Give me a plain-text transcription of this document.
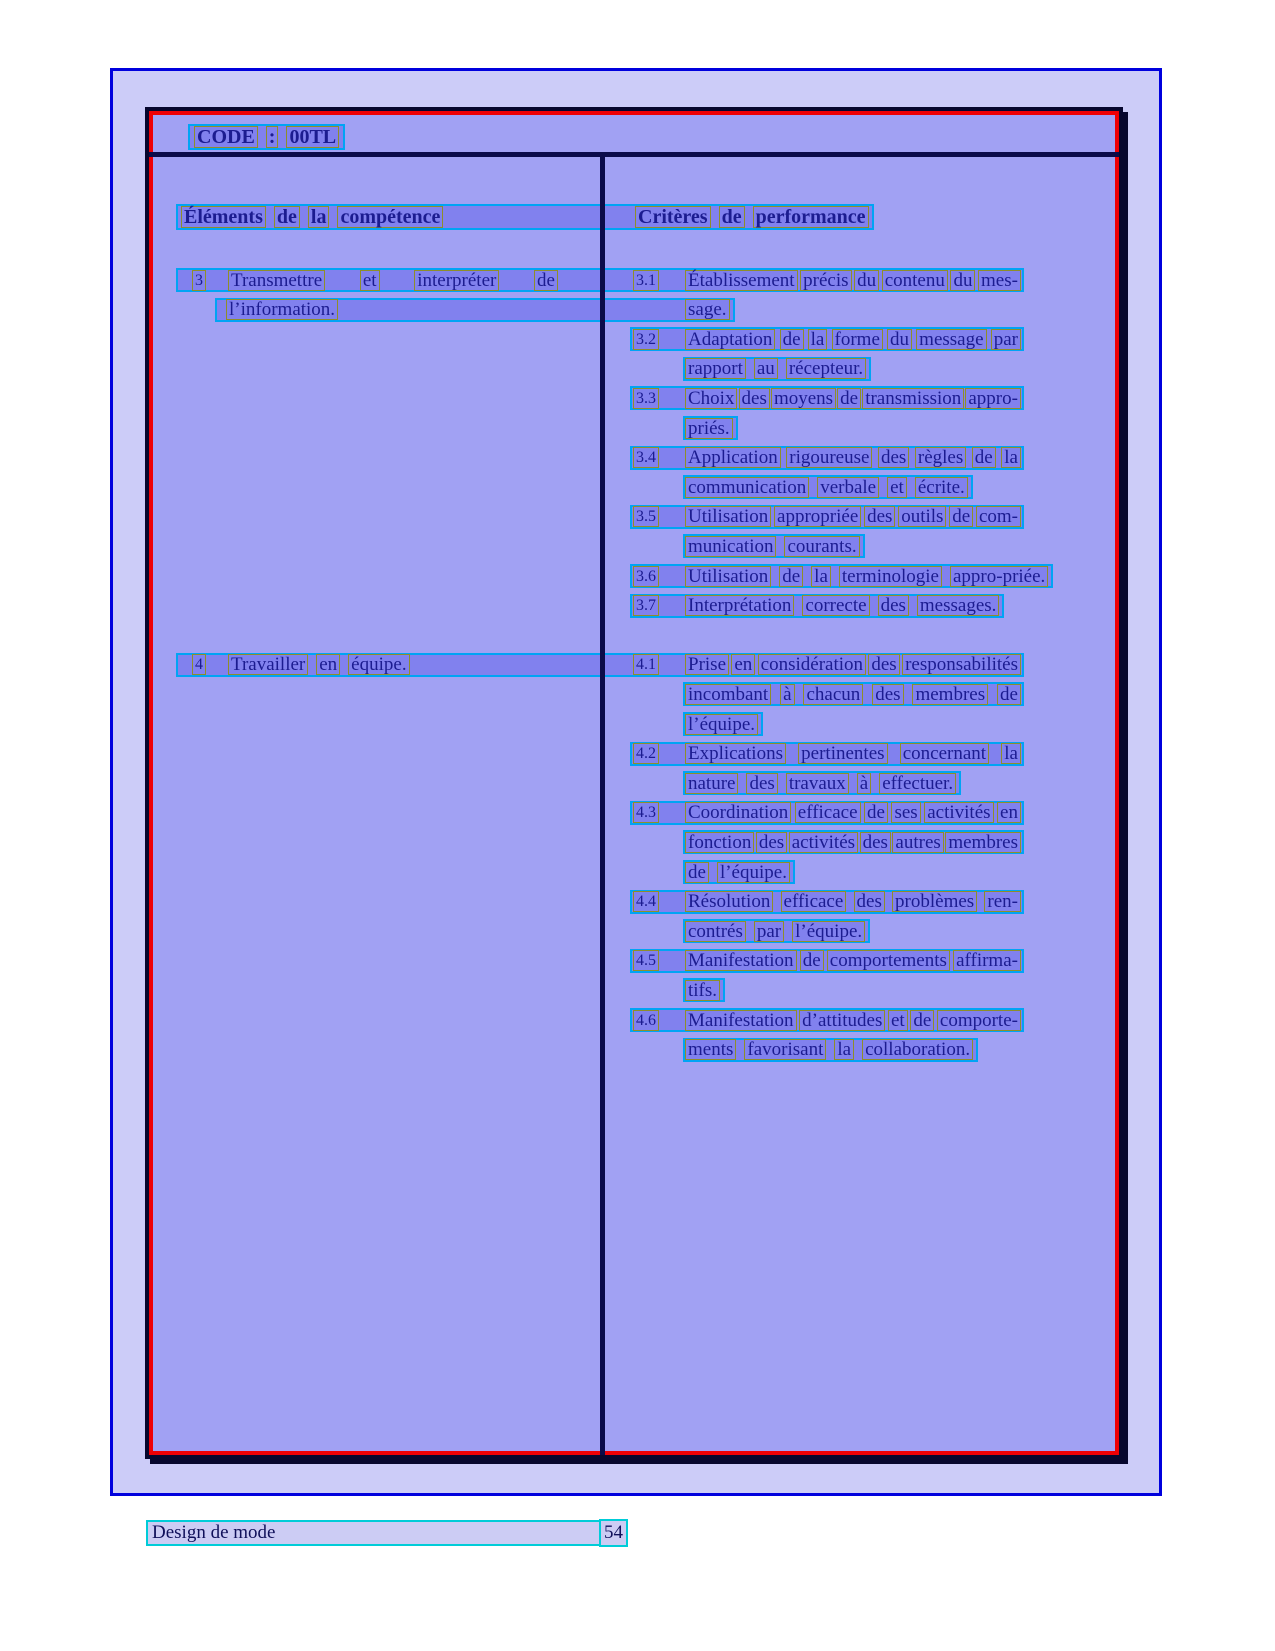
CODE : 00TL
Éléments de la compétence	Critères de performance
3 Transmettre et interpréter de	3.1 Établissement précis du contenu du mes-
l’information.	sage.
3.2 Adaptation de la forme du message par
rapport au récepteur.
3.3 Choix des moyens de transmission appro-
priés.
3.4 Application rigoureuse des règles de la
communication verbale et écrite.
3.5 Utilisation appropriée des outils de com-
munication courants.
3.6 Utilisation de la terminologie appro-priée.
3.7 Interprétation correcte des messages.
4 Travailler en équipe.	4.1 Prise en considération des responsabilités
incombant à chacun des membres de
l’équipe.
4.2 Explications pertinentes concernant la
nature des travaux à effectuer.
4.3 Coordination efficace de ses activités en
fonction des activités des autres membres
de l’équipe.
4.4 Résolution efficace des problèmes ren-
contrés par l’équipe.
4.5 Manifestation de comportements affirma-
tifs.
4.6 Manifestation d’attitudes et de comporte-
ments favorisant la collaboration.
Design de mode	54
